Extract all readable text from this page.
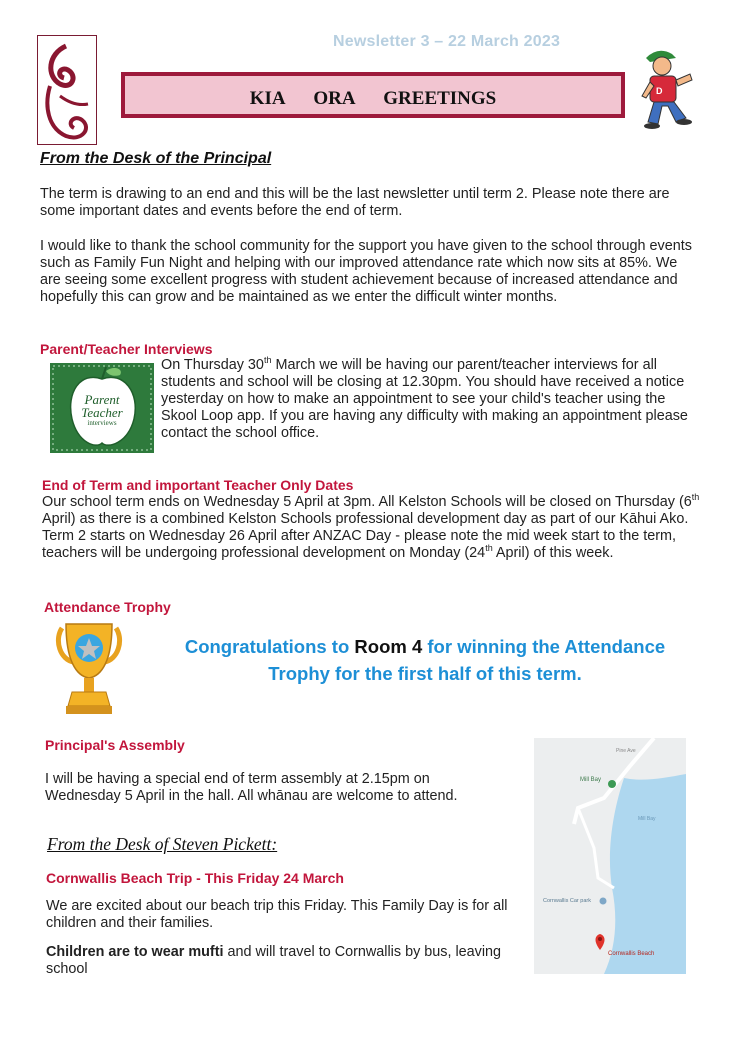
Newsletter 3 – 22 March 2023
KIA ORA GREETINGS	D
From the Desk of the Principal
The term is drawing to an end and this will be the last newsletter until term 2. Please note there are some important dates and events before the end of term.
I would like to thank the school community for the support you have given to the school through events such as Family Fun Night and helping with our improved attendance rate which now sits at 85%. We are seeing some excellent progress with student achievement because of increased attendance and hopefully this can grow and be maintained as we enter the difficult winter months.
Parent/Teacher Interviews
Parent
Teacher
interviews
On Thursday 30th March we will be having our parent/teacher interviews for all students and school will be closing at 12.30pm. You should have received a notice yesterday on how to make an appointment to see your child's teacher using the Skool Loop app. If you are having any difficulty with making an appointment please contact the school office.
End of Term and important Teacher Only Dates
Our school term ends on Wednesday 5 April at 3pm. All Kelston Schools will be closed on Thursday (6th April) as there is a combined Kelston Schools professional development day as part of our Kāhui Ako. Term 2 starts on Wednesday 26 April after ANZAC Day - please note the mid week start to the term, teachers will be undergoing professional development on Monday (24th April) of this week.
Attendance Trophy
Congratulations to Room 4 for winning the Attendance Trophy for the first half of this term.
Principal's Assembly
I will be having a special end of term assembly at 2.15pm on Wednesday 5 April in the hall. All whānau are welcome to attend.
Mill Bay
Cornwallis Car park
Cornwallis Beach
Mill Bay
Pine Ave
From the Desk of Steven Pickett:
Cornwallis Beach Trip - This Friday 24 March
We are excited about our beach trip this Friday. This Family Day is for all children and their families.
Children are to wear mufti and will travel to Cornwallis by bus, leaving school
